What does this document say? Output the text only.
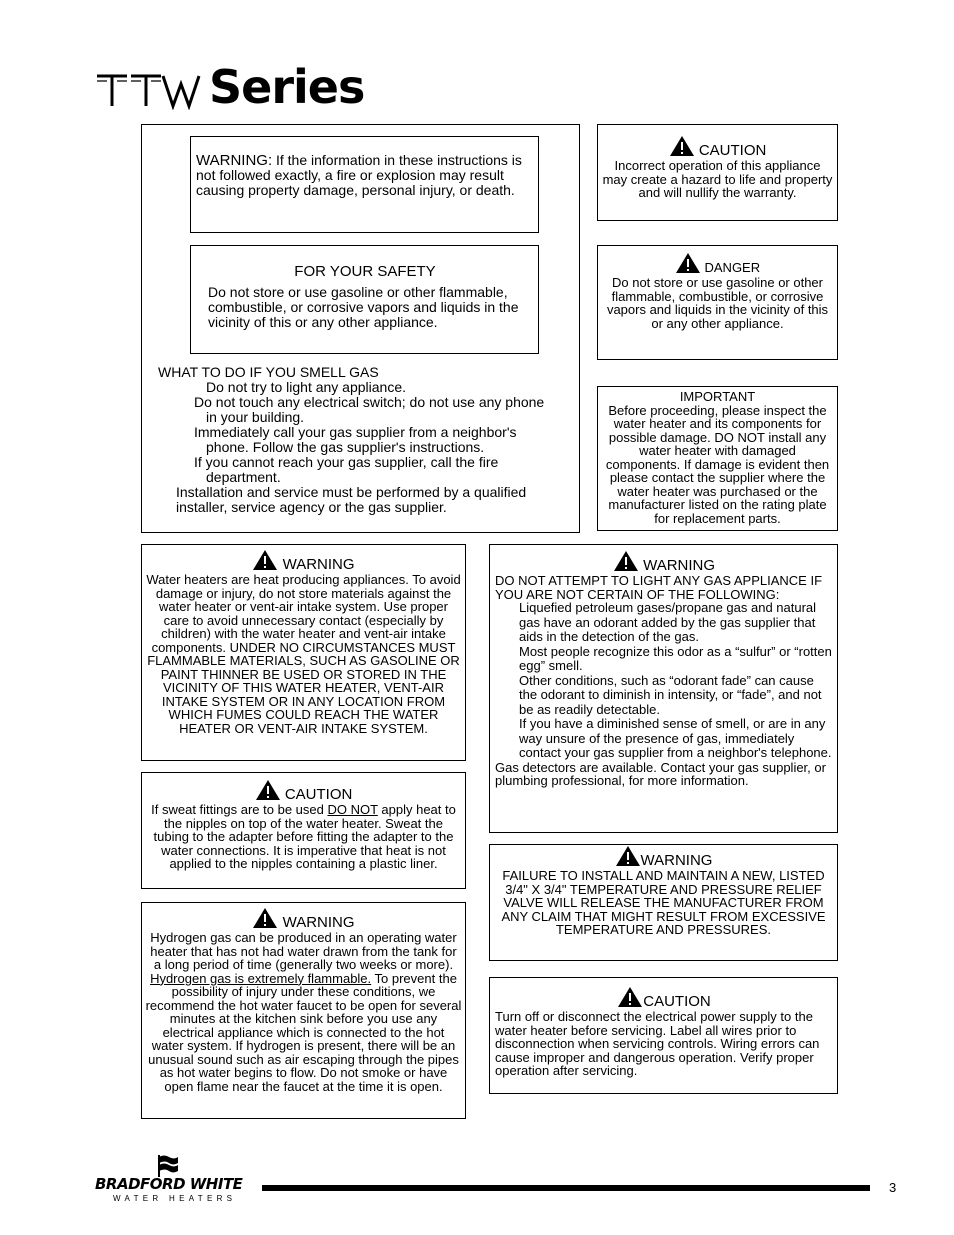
Series
WARNING: If the information in these instructions is not followed exactly, a fire or explosion may result causing property damage, personal injury, or death.
FOR YOUR SAFETY
Do not store or use gasoline or other flammable, combustible, or corrosive vapors and liquids in the vicinity of this or any other appliance.
WHAT TO DO IF YOU SMELL GAS
Do not try to light any appliance.
Do not touch any electrical switch; do not use any phone in your building.
Immediately call your gas supplier from a neighbor's phone. Follow the gas supplier's instructions.
If you cannot reach your gas supplier, call the fire department.
Installation and service must be performed by a qualified installer, service agency or the gas supplier.
CAUTION
Incorrect operation of this appliance may create a hazard to life and property and will nullify the warranty.
DANGER
Do not store or use gasoline or other flammable, combustible, or corrosive vapors and liquids in the vicinity of this or any other appliance.
IMPORTANT
Before proceeding, please inspect the water heater and its components for possible damage. DO NOT install any water heater with damaged components. If damage is evident then please contact the supplier where the water heater was purchased or the manufacturer listed on the rating plate for replacement parts.
WARNING
Water heaters are heat producing appliances. To avoid damage or injury, do not store materials against the water heater or vent-air intake system. Use proper care to avoid unnecessary contact (especially by children) with the water heater and vent-air intake components. UNDER NO CIRCUMSTANCES MUST FLAMMABLE MATERIALS, SUCH AS GASOLINE OR PAINT THINNER BE USED OR STORED IN THE VICINITY OF THIS WATER HEATER, VENT-AIR INTAKE SYSTEM OR IN ANY LOCATION FROM WHICH FUMES COULD REACH THE WATER HEATER OR VENT-AIR INTAKE SYSTEM.
WARNING
DO NOT ATTEMPT TO LIGHT ANY GAS APPLIANCE IF YOU ARE NOT CERTAIN OF THE FOLLOWING:
Liquefied petroleum gases/propane gas and natural gas have an odorant added by the gas supplier that aids in the detection of the gas.
Most people recognize this odor as a “sulfur” or “rotten egg” smell.
Other conditions, such as “odorant fade” can cause the odorant to diminish in intensity, or “fade”, and not be as readily detectable.
If you have a diminished sense of smell, or are in any way unsure of the presence of gas, immediately contact your gas supplier from a neighbor's telephone.
Gas detectors are available. Contact your gas supplier, or plumbing professional, for more information.
CAUTION
If sweat fittings are to be used DO NOT apply heat to the nipples on top of the water heater. Sweat the tubing to the adapter before fitting the adapter to the water connections. It is imperative that heat is not applied to the nipples containing a plastic liner.	WARNING
FAILURE TO INSTALL AND MAINTAIN A NEW, LISTED 3/4" X 3/4" TEMPERATURE AND PRESSURE RELIEF VALVE WILL RELEASE THE MANUFACTURER FROM ANY CLAIM THAT MIGHT RESULT FROM EXCESSIVE TEMPERATURE AND PRESSURES.
WARNING
Hydrogen gas can be produced in an operating water heater that has not had water drawn from the tank for a long period of time (generally two weeks or more). Hydrogen gas is extremely flammable. To prevent the possibility of injury under these conditions, we recommend the hot water faucet to be open for several minutes at the kitchen sink before you use any electrical appliance which is connected to the hot water system. If hydrogen is present, there will be an unusual sound such as air escaping through the pipes as hot water begins to flow. Do not smoke or have open flame near the faucet at the time it is open.
CAUTION
Turn off or disconnect the electrical power supply to the water heater before servicing. Label all wires prior to disconnection when servicing controls. Wiring errors can cause improper and dangerous operation. Verify proper operation after servicing.
BRADFORD WHITE
WATER HEATERS
3
